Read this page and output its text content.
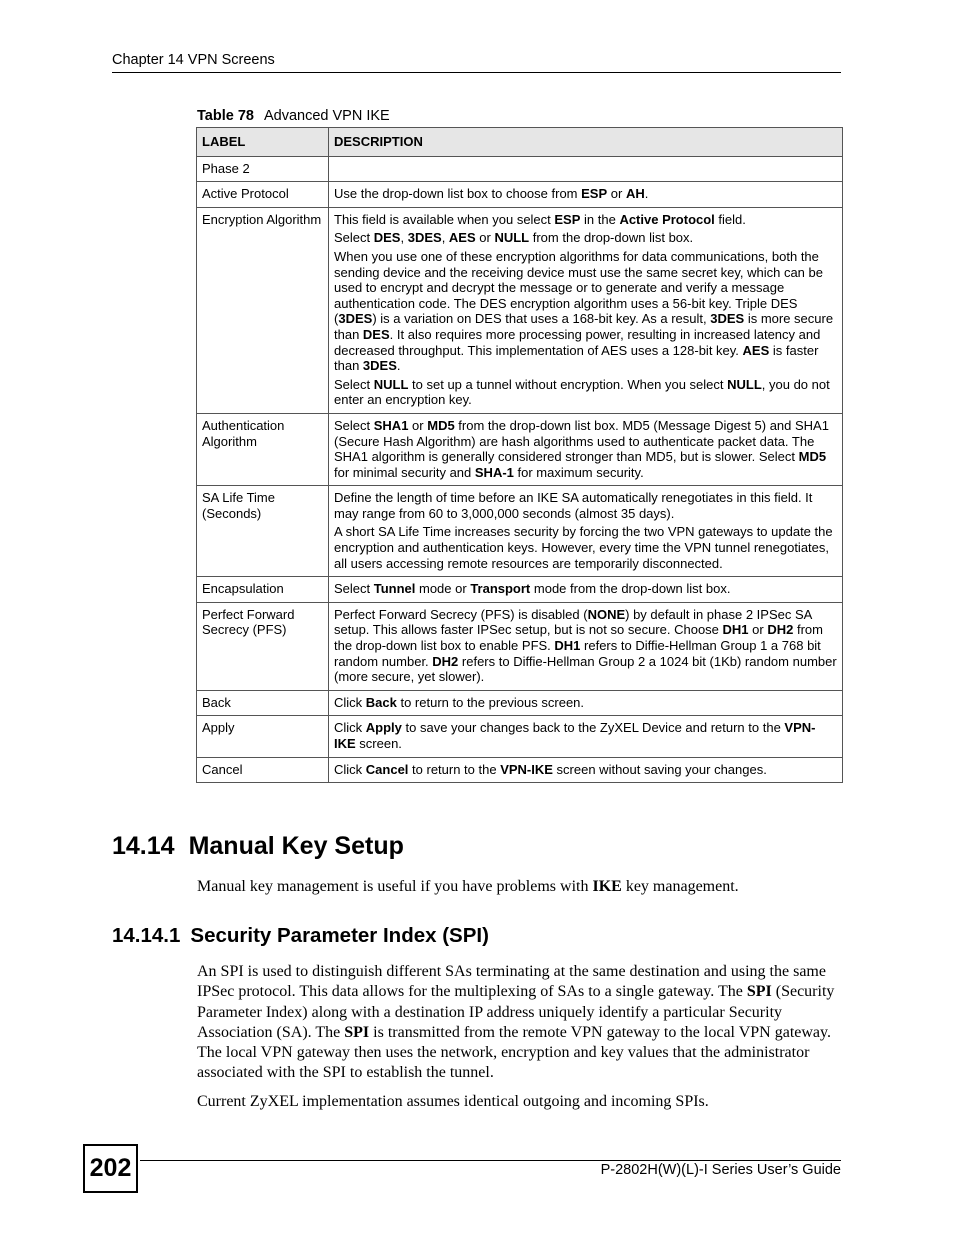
Chapter 14 VPN Screens
Table 78 Advanced VPN IKE
LABEL	DESCRIPTION
Phase 2	
Active Protocol	Use the drop-down list box to choose from ESP or AH.
Encryption Algorithm	This field is available when you select ESP in the Active Protocol field.

Select DES, 3DES, AES or NULL from the drop-down list box.

When you use one of these encryption algorithms for data communications, both the sending device and the receiving device must use the same secret key, which can be used to encrypt and decrypt the message or to generate and verify a message authentication code. The DES encryption algorithm uses a 56-bit key. Triple DES (3DES) is a variation on DES that uses a 168-bit key. As a result, 3DES is more secure than DES. It also requires more processing power, resulting in increased latency and decreased throughput. This implementation of AES uses a 128-bit key. AES is faster than 3DES.

Select NULL to set up a tunnel without encryption. When you select NULL, you do not enter an encryption key.

Authentication Algorithm	Select SHA1 or MD5 from the drop-down list box. MD5 (Message Digest 5) and SHA1 (Secure Hash Algorithm) are hash algorithms used to authenticate packet data. The SHA1 algorithm is generally considered stronger than MD5, but is slower. Select MD5 for minimal security and SHA-1 for maximum security.
SA Life Time (Seconds)	Define the length of time before an IKE SA automatically renegotiates in this field. It may range from 60 to 3,000,000 seconds (almost 35 days).

A short SA Life Time increases security by forcing the two VPN gateways to update the encryption and authentication keys. However, every time the VPN tunnel renegotiates, all users accessing remote resources are temporarily disconnected.

Encapsulation	Select Tunnel mode or Transport mode from the drop-down list box.
Perfect Forward Secrecy (PFS)	Perfect Forward Secrecy (PFS) is disabled (NONE) by default in phase 2 IPSec SA setup. This allows faster IPSec setup, but is not so secure. Choose DH1 or DH2 from the drop-down list box to enable PFS. DH1 refers to Diffie-Hellman Group 1 a 768 bit random number. DH2 refers to Diffie-Hellman Group 2 a 1024 bit (1Kb) random number (more secure, yet slower).
Back	Click Back to return to the previous screen.
Apply	Click Apply to save your changes back to the ZyXEL Device and return to the VPN-IKE screen.
Cancel	Click Cancel to return to the VPN-IKE screen without saving your changes.
14.14 Manual Key Setup
Manual key management is useful if you have problems with IKE key management.
14.14.1 Security Parameter Index (SPI)
An SPI is used to distinguish different SAs terminating at the same destination and using the same IPSec protocol. This data allows for the multiplexing of SAs to a single gateway. The SPI (Security Parameter Index) along with a destination IP address uniquely identify a particular Security Association (SA). The SPI is transmitted from the remote VPN gateway to the local VPN gateway. The local VPN gateway then uses the network, encryption and key values that the administrator associated with the SPI to establish the tunnel.
Current ZyXEL implementation assumes identical outgoing and incoming SPIs.
202	P-2802H(W)(L)-I Series User’s Guide
